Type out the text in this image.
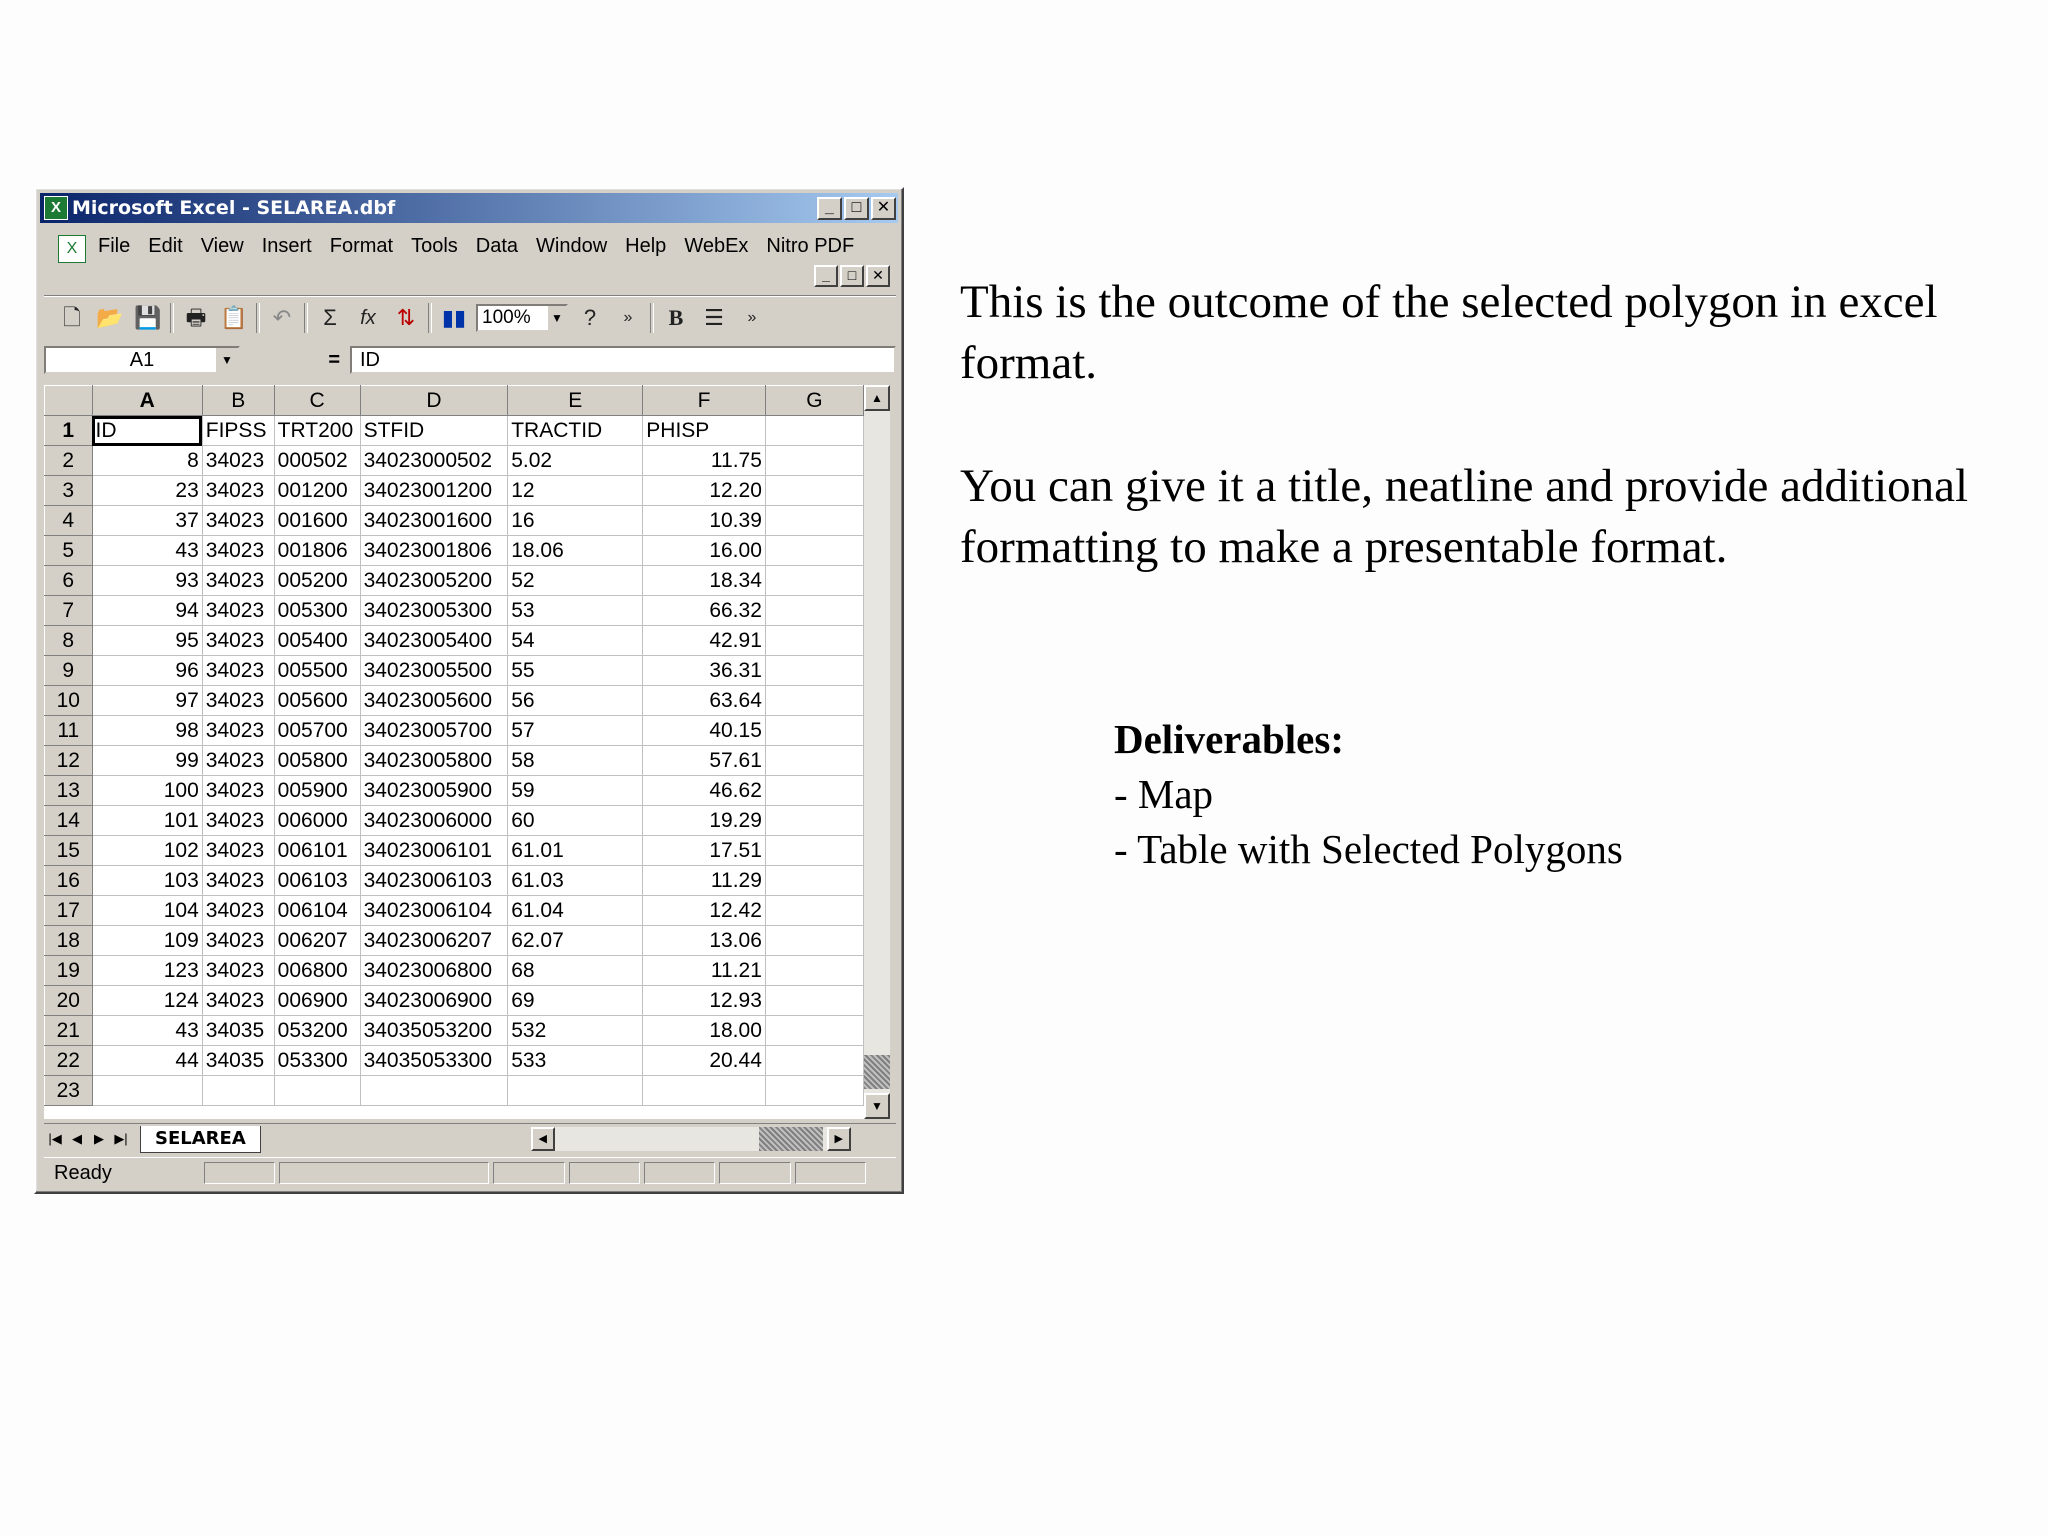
X Microsoft Excel - SELAREA.dbf	_	□ ✕
X	File Edit View Insert Format Tools Data Window Help WebEx Nitro PDF
_	□	✕
🗋 📂 💾 🖶 📋	↶	Σ	fx ⇅	▮▮ 100% ▼ ?	»	B ☰	»
A1	▼	=	ID
	A	B	C	D	E	F	G
1	ID	FIPSS	TRT200	STFID	TRACTID	PHISP	
2	8	34023	000502	34023000502	5.02	11.75	
3	23	34023	001200	34023001200	12	12.20	
4	37	34023	001600	34023001600	16	10.39	
5	43	34023	001806	34023001806	18.06	16.00	
6	93	34023	005200	34023005200	52	18.34	
7	94	34023	005300	34023005300	53	66.32	
8	95	34023	005400	34023005400	54	42.91	
9	96	34023	005500	34023005500	55	36.31	
10	97	34023	005600	34023005600	56	63.64	
11	98	34023	005700	34023005700	57	40.15	
12	99	34023	005800	34023005800	58	57.61	
13	100	34023	005900	34023005900	59	46.62	
14	101	34023	006000	34023006000	60	19.29	
15	102	34023	006101	34023006101	61.01	17.51	
16	103	34023	006103	34023006103	61.03	11.29	
17	104	34023	006104	34023006104	61.04	12.42	
18	109	34023	006207	34023006207	62.07	13.06	
19	123	34023	006800	34023006800	68	11.21	
20	124	34023	006900	34023006900	69	12.93	
21	43	34035	053200	34035053200	532	18.00	
22	44	34035	053300	34035053300	533	20.44	
23							
▲
▼
|◀ ◀ ▶ ▶|	SELAREA	◀	▶
Ready
This is the outcome of the selected polygon in excel format.
You can give it a title, neatline and provide additional formatting to make a presentable format.
Deliverables:
- Map
- Table with Selected Polygons
